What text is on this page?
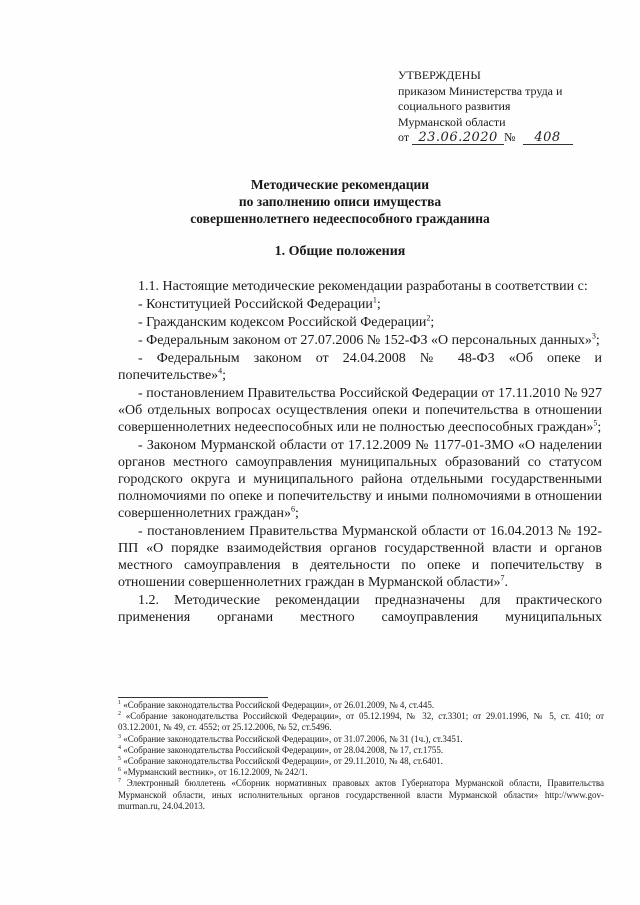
УТВЕРЖДЕНЫ
приказом Министерства труда и
социального развития
Мурманской области
от 23.06.2020 № 408
Методические рекомендации
по заполнению описи имущества
совершеннолетнего недееспособного гражданина
1. Общие положения

1.1. Настоящие методические рекомендации разработаны в соответствии с:

- Конституцией Российской Федерации$^1$;

- Гражданским кодексом Российской Федерации$^2$;

- Федеральным законом от 27.07.2006 № 152-ФЗ «О персональных данных»$^3$;

- Федеральным законом от 24.04.2008 № 48-ФЗ «Об опеке и попечительстве»$^4$;

- постановлением Правительства Российской Федерации от 17.11.2010 № 927 «Об отдельных вопросах осуществления опеки и попечительства в отношении совершеннолетних недееспособных или не полностью дееспособных граждан»$^5$;

- Законом Мурманской области от 17.12.2009 № 1177-01-ЗМО «О наделении органов местного самоуправления муниципальных образований со статусом городского округа и муниципального района отдельными государственными полномочиями по опеке и попечительству и иными полномочиями в отношении совершеннолетних граждан»$^6$;

- постановлением Правительства Мурманской области от 16.04.2013 № 192-ПП «О порядке взаимодействия органов государственной власти и органов местного самоуправления в деятельности по опеке и попечительству в отношении совершеннолетних граждан в Мурманской области»$^7$.

1.2. Методические рекомендации предназначены для практического применения органами местного самоуправления муниципальных

$^1$ «Собрание законодательства Российской Федерации», от 26.01.2009, № 4, ст.445.

$^2$ «Собрание законодательства Российской Федерации», от 05.12.1994, № 32, ст.3301; от 29.01.1996, № 5, ст. 410; от 03.12.2001, № 49, ст. 4552; от 25.12.2006, № 52, ст.5496.

$^3$ «Собрание законодательства Российской Федерации», от 31.07.2006, № 31 (1ч.), ст.3451.

$^4$ «Собрание законодательства Российской Федерации», от 28.04.2008, № 17, ст.1755.

$^5$ «Собрание законодательства Российской Федерации», от 29.11.2010, № 48, ст.6401.

$^6$ «Мурманский вестник», от 16.12.2009, № 242/1.

$^7$ Электронный бюллетень «Сборник нормативных правовых актов Губернатора Мурманской области, Правительства Мурманской области, иных исполнительных органов государственной власти Мурманской области» http://www.gov-murman.ru, 24.04.2013.
